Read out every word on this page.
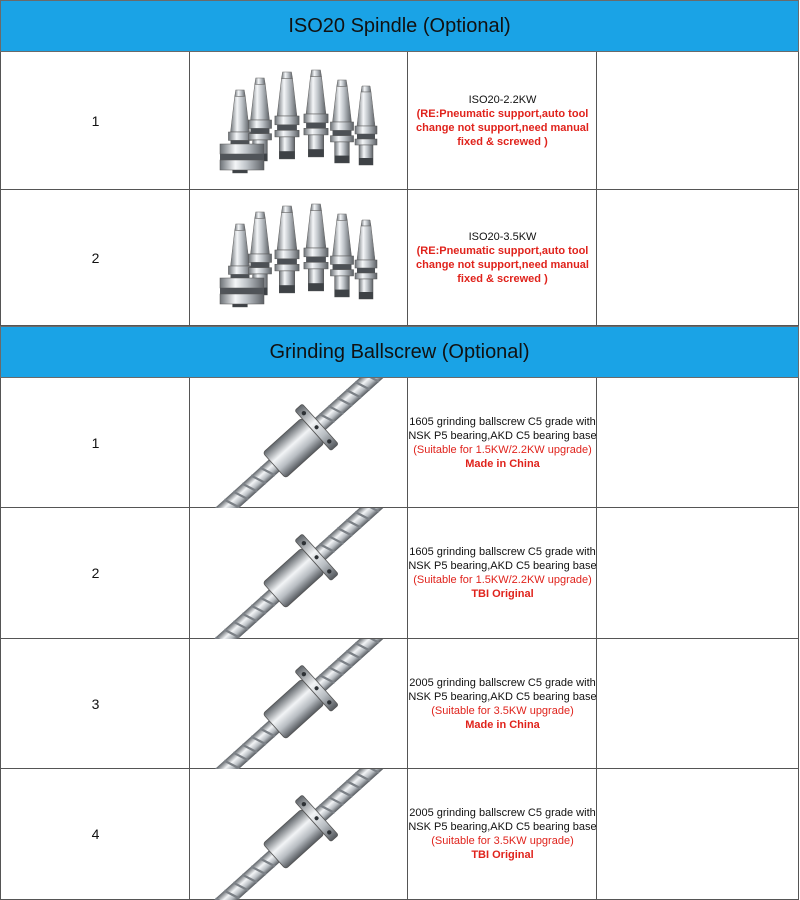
ISO20 Spindle (Optional)
1
ISO20-2.2KW
(RE:Pneumatic support,auto tool change not support,need manual fixed & screwed )
2
ISO20-3.5KW
(RE:Pneumatic support,auto tool change not support,need manual fixed & screwed )
Grinding Ballscrew (Optional)
1
1605 grinding ballscrew C5 grade with NSK P5 bearing,AKD C5 bearing base
(Suitable for 1.5KW/2.2KW upgrade)
Made in China
2
1605 grinding ballscrew C5 grade with NSK P5 bearing,AKD C5 bearing base
(Suitable for 1.5KW/2.2KW upgrade)
TBI Original
3
2005 grinding ballscrew C5 grade with NSK P5 bearing,AKD C5 bearing base
(Suitable for 3.5KW upgrade)
Made in China
4
2005 grinding ballscrew C5 grade with NSK P5 bearing,AKD C5 bearing base
(Suitable for 3.5KW upgrade)
TBI Original
